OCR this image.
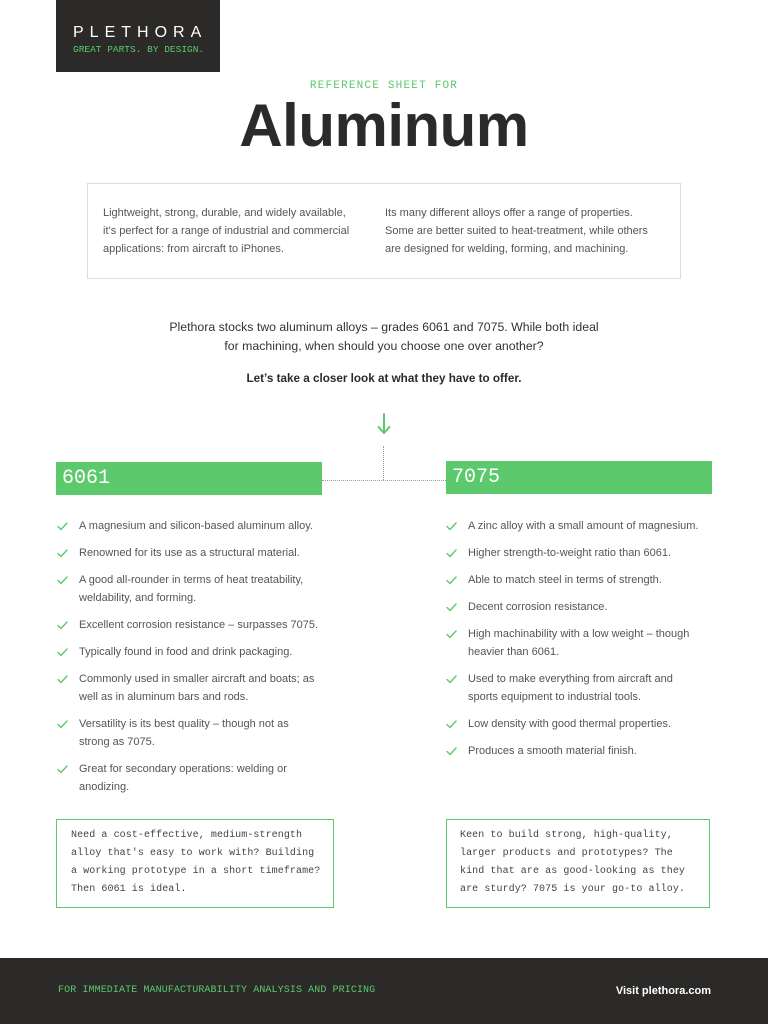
PLETHORA
GREAT PARTS. BY DESIGN.
REFERENCE SHEET FOR
Aluminum

Lightweight, strong, durable, and widely available,
it’s perfect for a range of industrial and commercial
applications: from aircraft to iPhones.

Its many different alloys offer a range of properties.
Some are better suited to heat-treatment, while others
are designed for welding, forming, and machining.

Plethora stocks two aluminum alloys – grades 6061 and 7075. While both ideal
for machining, when should you choose one over another?

Let’s take a closer look at what they have to offer.

6061
A magnesium and silicon-based aluminum alloy.
Renowned for its use as a structural material.
A good all-rounder in terms of heat treatability,
weldability, and forming.
Excellent corrosion resistance – surpasses 7075.
Typically found in food and drink packaging.
Commonly used in smaller aircraft and boats; as
well as in aluminum bars and rods.
Versatility is its best quality – though not as
strong as 7075.
Great for secondary operations: welding or
anodizing.
Need a cost-effective, medium-strength
alloy that's easy to work with? Building
a working prototype in a short timeframe?
Then 6061 is ideal.
7075
A zinc alloy with a small amount of magnesium.
Higher strength-to-weight ratio than 6061.
Able to match steel in terms of strength.
Decent corrosion resistance.
High machinability with a low weight – though
heavier than 6061.
Used to make everything from aircraft and
sports equipment to industrial tools.
Low density with good thermal properties.
Produces a smooth material finish.
Keen to build strong, high-quality,
larger products and prototypes? The
kind that are as good-looking as they
are sturdy? 7075 is your go-to alloy.
FOR IMMEDIATE MANUFACTURABILITY ANALYSIS AND PRICING	Visit plethora.com
